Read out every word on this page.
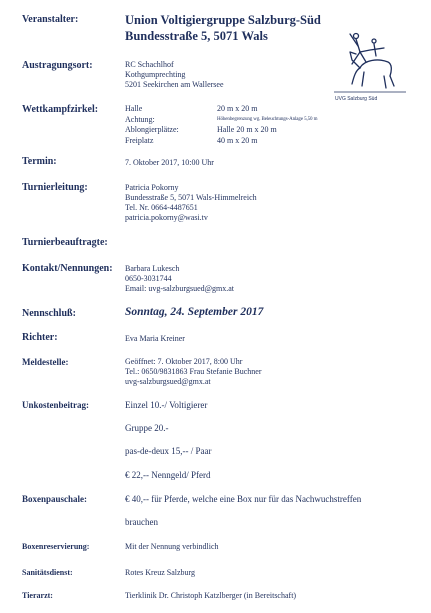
Veranstalter:	Union Voltigiergruppe Salzburg-Süd
Bundesstraße 5, 5071 Wals
UVG Salzburg Süd
Austragungsort:	RC Schachlhof
Kothgumprechting
5201 Seekirchen am Wallersee
Wettkampfzirkel:	Halle	20 m x 20 m
Achtung:	Höhenbegrenzung wg. Beleuchtungs-Anlage 5,50 m
Ablongierplätze:	Halle 20 m x 20 m
Freiplatz	40 m x 20 m
Termin:	7. Oktober 2017, 10:00 Uhr
Turnierleitung:	Patricia Pokorny
Bundesstraße 5, 5071 Wals-Himmelreich
Tel. Nr. 0664-4487651
patricia.pokorny@wasi.tv
Turnierbeauftragte:
Kontakt/Nennungen: Barbara Lukesch
0650-3031744
Email: uvg-salzburgsued@gmx.at
Nennschluß:	Sonntag, 24. September 2017
Richter:	Eva Maria Kreiner
Meldestelle:	Geöffnet: 7. Oktober 2017, 8:00 Uhr
Tel.: 0650/9831863 Frau Stefanie Buchner
uvg-salzburgsued@gmx.at
Unkostenbeitrag:	Einzel 10.-/ Voltigierer
Gruppe 20.-
pas-de-deux 15,-- / Paar
€ 22,-- Nenngeld/ Pferd
Boxenpauschale:	€ 40,-- für Pferde, welche eine Box nur für das Nachwuchstreffen
brauchen
Boxenreservierung:	Mit der Nennung verbindlich
Sanitätsdienst:	Rotes Kreuz Salzburg
Tierarzt:	Tierklinik Dr. Christoph Katzlberger (in Bereitschaft)
